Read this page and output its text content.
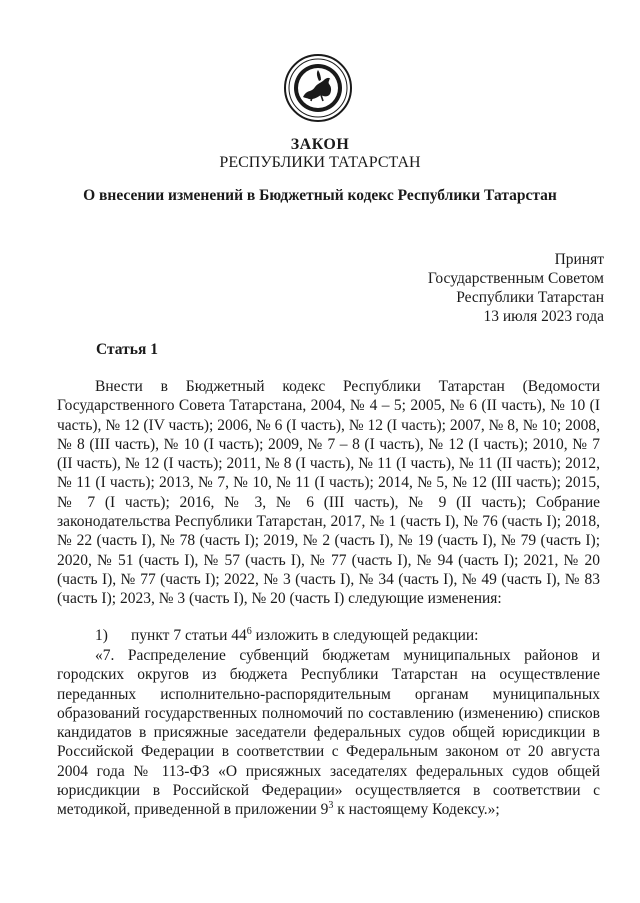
ЗАКОН
РЕСПУБЛИКИ ТАТАРСТАН
О внесении изменений в Бюджетный кодекс Республики Татарстан
Принят
Государственным Советом
Республики Татарстан
13 июля 2023 года
Статья 1
Внести в Бюджетный кодекс Республики Татарстан (Ведомости Государственного Совета Татарстана, 2004, № 4 – 5; 2005, № 6 (II часть), № 10 (I часть), № 12 (IV часть); 2006, № 6 (I часть), № 12 (I часть); 2007, № 8, № 10; 2008, № 8 (III часть), № 10 (I часть); 2009, № 7 – 8 (I часть), № 12 (I часть); 2010, № 7 (II часть), № 12 (I часть); 2011, № 8 (I часть), № 11 (I часть), № 11 (II часть); 2012, № 11 (I часть); 2013, № 7, № 10, № 11 (I часть); 2014, № 5, № 12 (III часть); 2015, № 7 (I часть); 2016, № 3, № 6 (III часть), № 9 (II часть); Собрание законодательства Республики Татарстан, 2017, № 1 (часть I), № 76 (часть I); 2018, № 22 (часть I), № 78 (часть I); 2019, № 2 (часть I), № 19 (часть I), № 79 (часть I); 2020, № 51 (часть I), № 57 (часть I), № 77 (часть I), № 94 (часть I); 2021, № 20 (часть I), № 77 (часть I); 2022, № 3 (часть I), № 34 (часть I), № 49 (часть I), № 83 (часть I); 2023, № 3 (часть I), № 20 (часть I) следующие изменения:
1) пункт 7 статьи $44^6$ изложить в следующей редакции:
«7. Распределение субвенций бюджетам муниципальных районов и городских округов из бюджета Республики Татарстан на осуществление переданных исполнительно-распорядительным органам муниципальных образований государственных полномочий по составлению (изменению) списков кандидатов в присяжные заседатели федеральных судов общей юрисдикции в Российской Федерации в соответствии с Федеральным законом от 20 августа 2004 года № 113-ФЗ «О присяжных заседателях федеральных судов общей юрисдикции в Российской Федерации» осуществляется в соответствии с методикой, приведенной в приложении $9^3$ к настоящему Кодексу.»;
